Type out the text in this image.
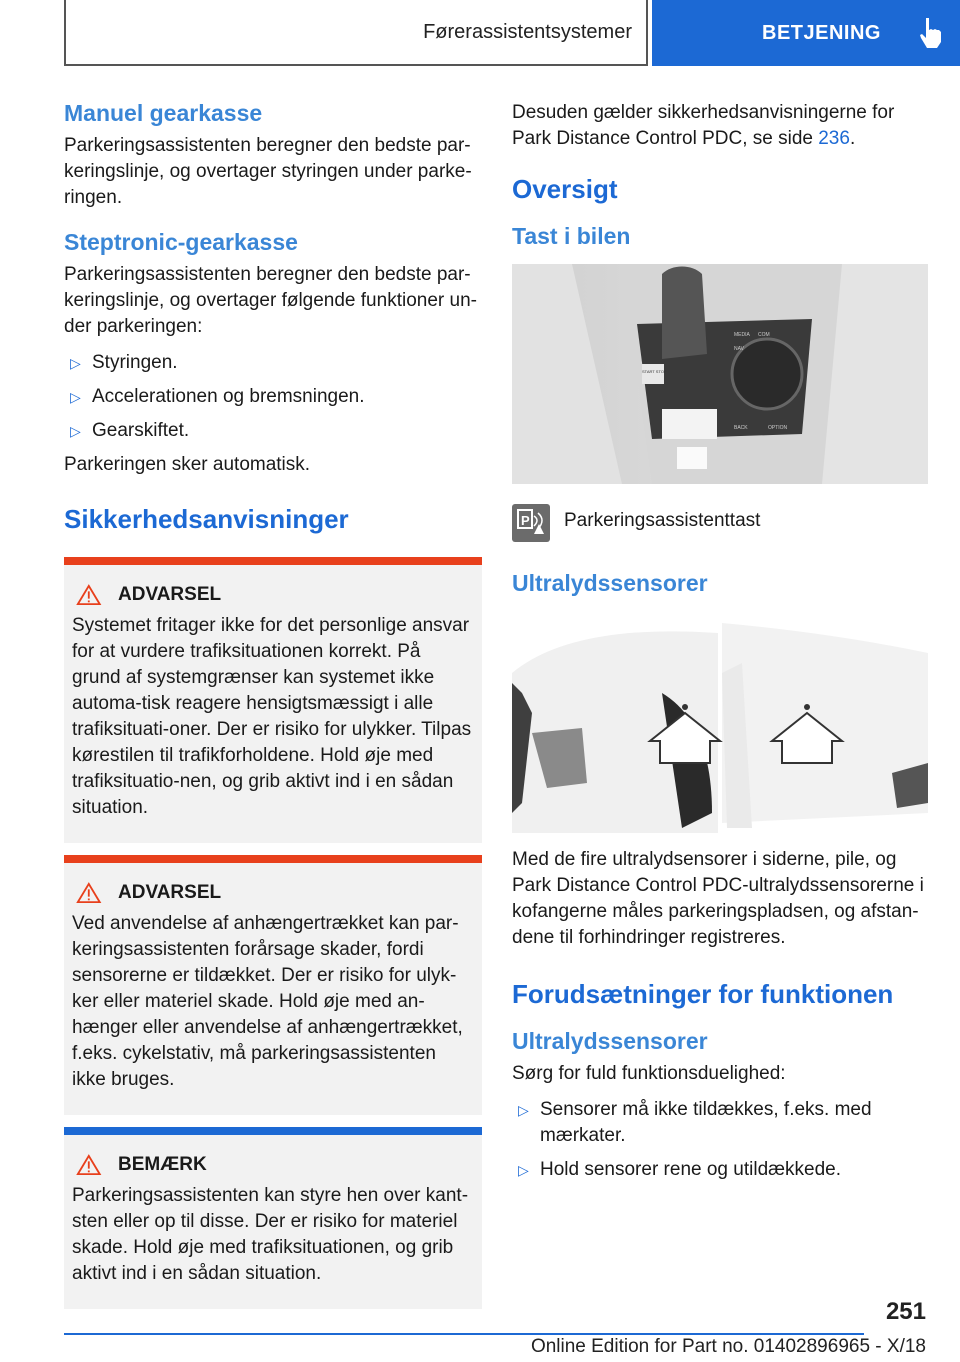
Førerassistentsystemer	BETJENING
Manuel gearkasse
Parkeringsassistenten beregner den bedste par-keringslinje, og overtager styringen under parke-ringen.
Steptronic-gearkasse
Parkeringsassistenten beregner den bedste par-keringslinje, og overtager følgende funktioner un-der parkeringen:
▷ Styringen.
▷ Accelerationen og bremsningen.
▷ Gearskiftet.
Parkeringen sker automatisk.
Sikkerhedsanvisninger
ADVARSEL
Systemet fritager ikke for det personlige ansvar for at vurdere trafiksituationen korrekt. På grund af systemgrænser kan systemet ikke automa-tisk reagere hensigtsmæssigt i alle trafiksituati-oner. Der er risiko for ulykker. Tilpas kørestilen til trafikforholdene. Hold øje med trafiksituatio-nen, og grib aktivt ind i en sådan situation.
ADVARSEL
Ved anvendelse af anhængertrækket kan par-keringsassistenten forårsage skader, fordi sensorerne er tildækket. Der er risiko for ulyk-ker eller materiel skade. Hold øje med an-hænger eller anvendelse af anhængertrækket, f.eks. cykelstativ, må parkeringsassistenten ikke bruges.
BEMÆRK
Parkeringsassistenten kan styre hen over kant-sten eller op til disse. Der er risiko for materiel skade. Hold øje med trafiksituationen, og grib aktivt ind i en sådan situation.
Desuden gælder sikkerhedsanvisningerne for Park Distance Control PDC, se side 236.
Oversigt
Tast i bilen
MEDIA COM
NAV
BACK	OPTION
START STOP
P Parkeringsassistenttast
Ultralydssensorer
Med de fire ultralydsensorer i siderne, pile, og Park Distance Control PDC-ultralydssensorerne i kofangerne måles parkeringspladsen, og afstan-dene til forhindringer registreres.
Forudsætninger for funktionen
Ultralydssensorer
Sørg for fuld funktionsduelighed:
▷ Sensorer må ikke tildækkes, f.eks. med mærkater.
▷ Hold sensorer rene og utildækkede.
251
Online Edition for Part no. 01402896965 - X/18
